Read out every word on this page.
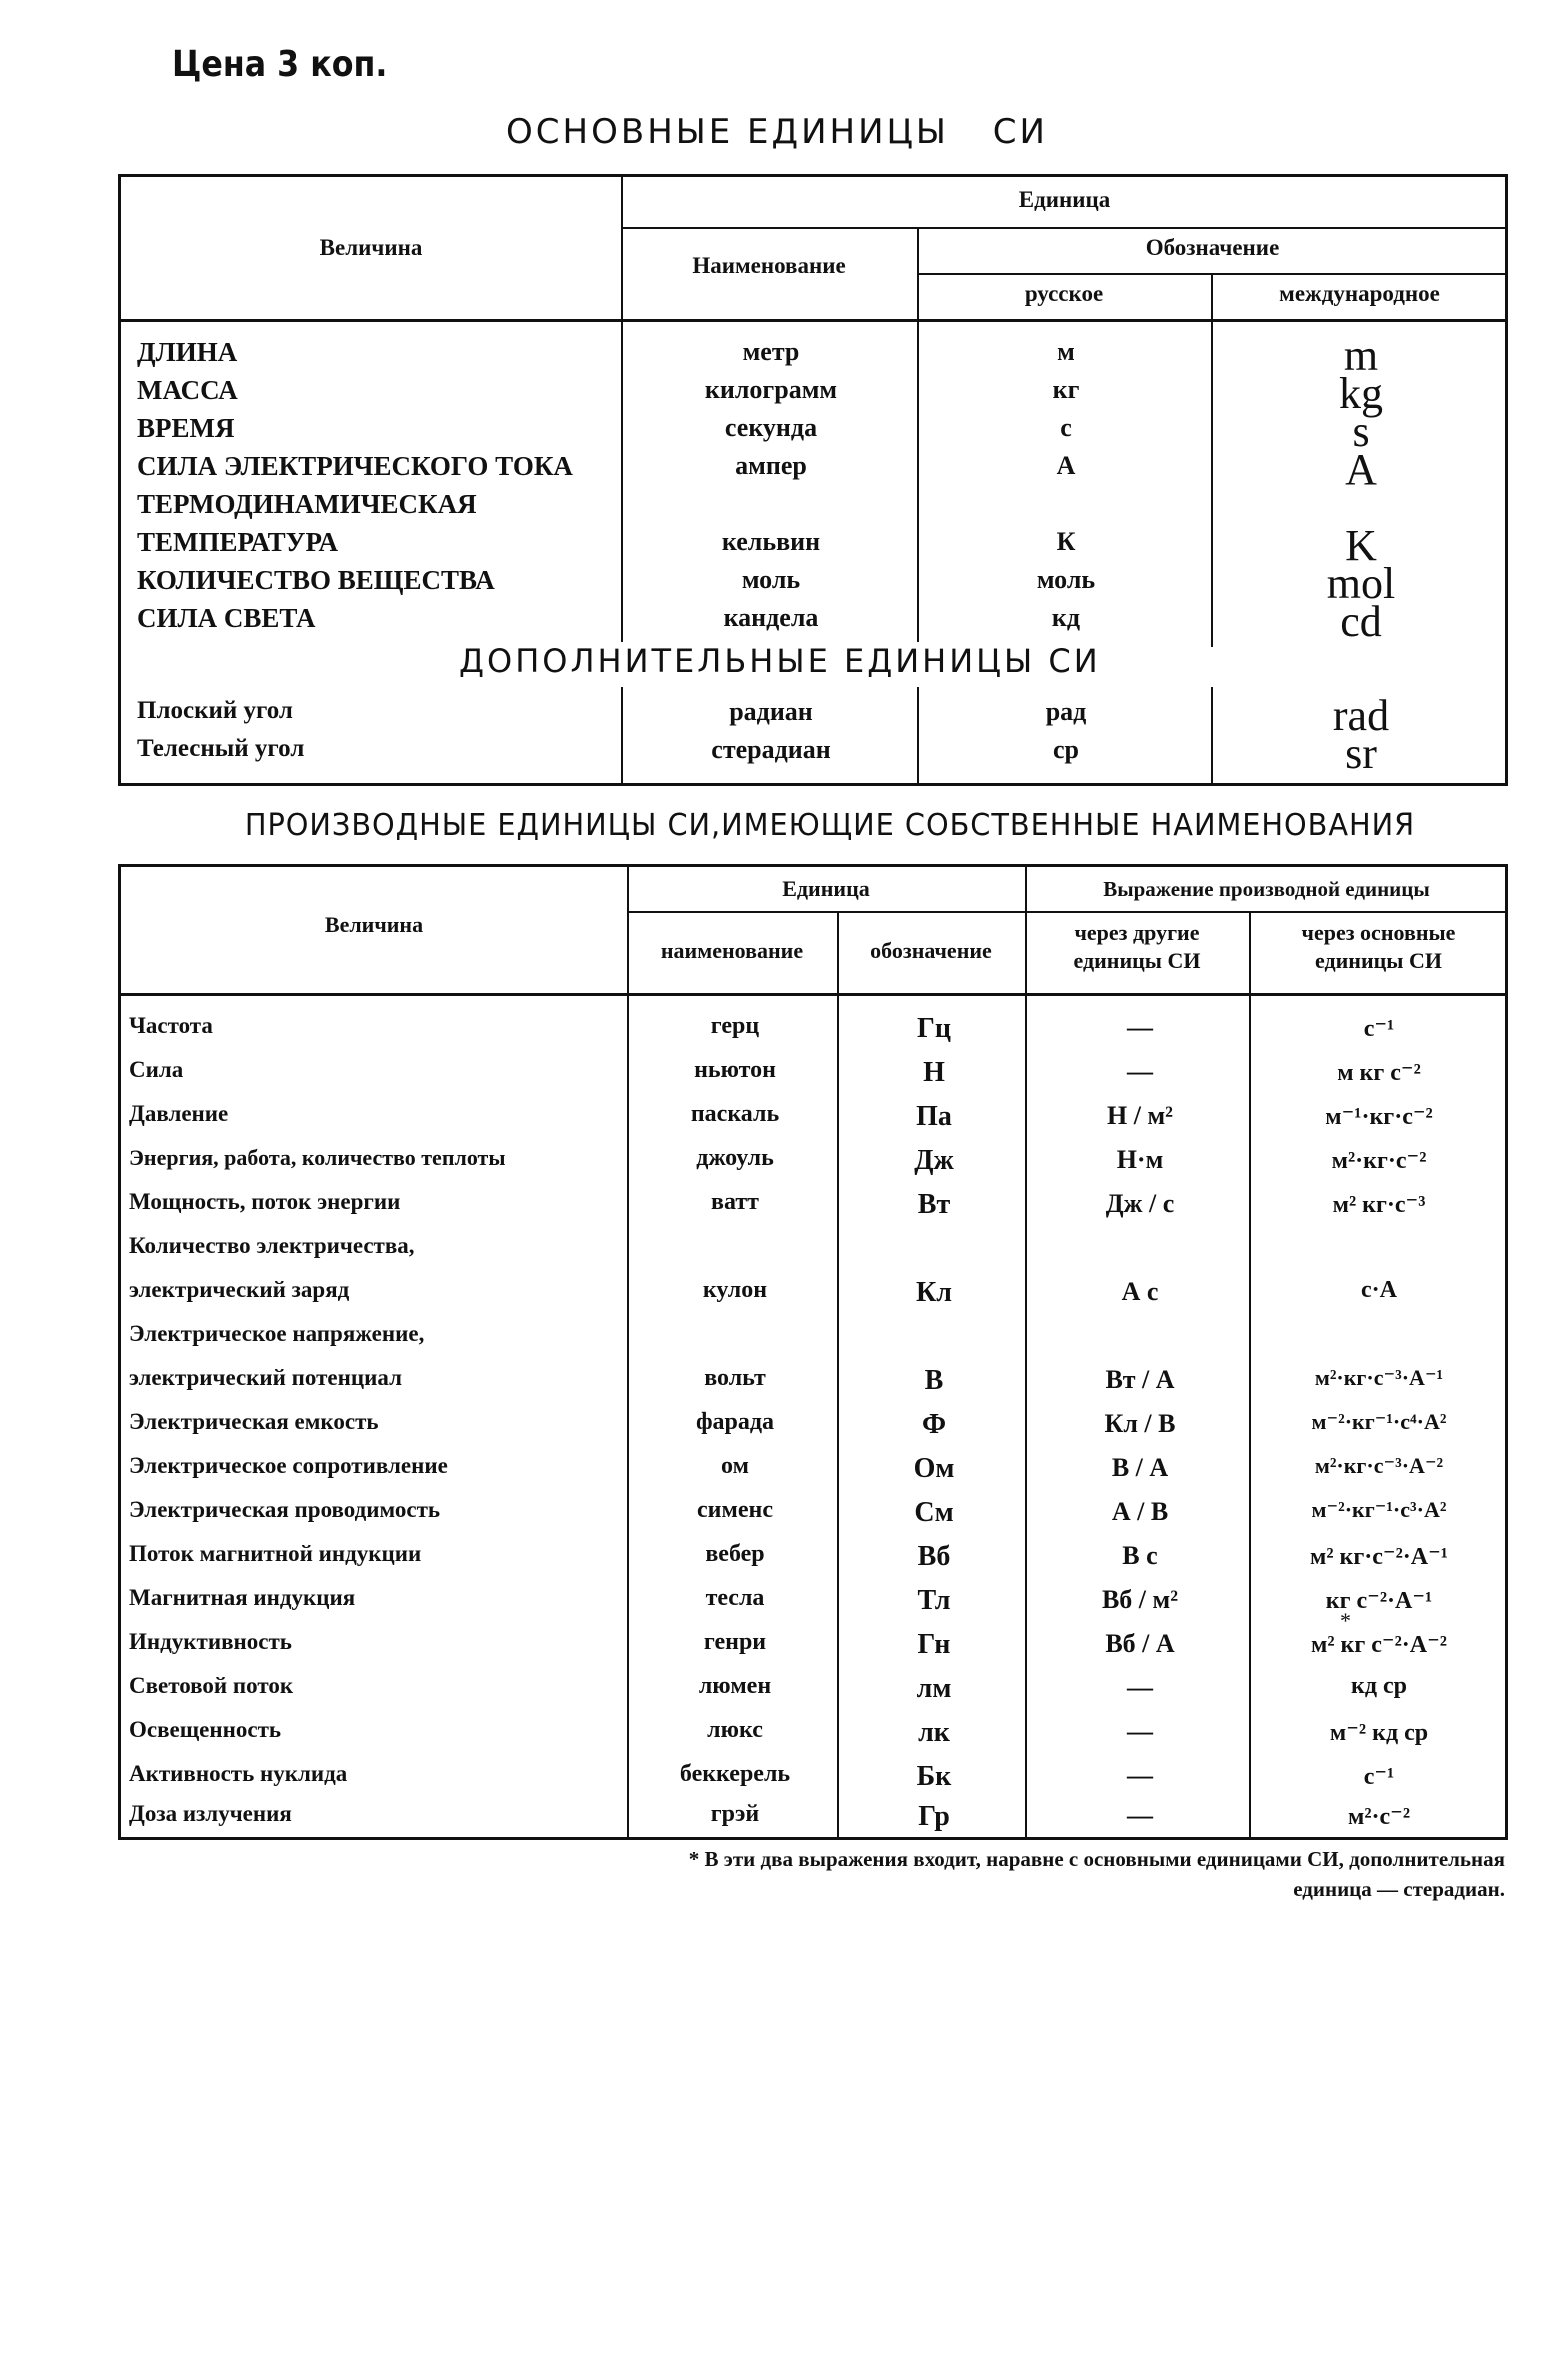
Цена 3 коп.
ОСНОВНЫЕ ЕДИНИЦЫ СИ
Величина
Единица
Наименование
Обозначение
русское	международное
ДЛИНА	метр	м	m
МАССА	килограмм	кг	kg
ВРЕМЯ	секунда	с	s
СИЛА ЭЛЕКТРИЧЕСКОГО ТОКА	ампер	А	A
ТЕРМОДИНАМИЧЕСКАЯ
ТЕМПЕРАТУРА	кельвин	К	K
КОЛИЧЕСТВО ВЕЩЕСТВА	моль	моль	mol
СИЛА СВЕТА	кандела	кд	cd
ДОПОЛНИТЕЛЬНЫЕ ЕДИНИЦЫ СИ
Плоский угол	радиан	рад	rad
Телесный угол	стерадиан	ср	sr
ПРОИЗВОДНЫЕ ЕДИНИЦЫ СИ,ИМЕЮЩИЕ СОБСТВЕННЫЕ НАИМЕНОВАНИЯ
Величина
Единица	Выражение производной единицы
наименование	обозначение
через другие
единицы СИ
через основные
единицы СИ
Частота	герц	Гц	—	с⁻¹
Сила	ньютон	Н	—	м кг с⁻²
Давление	паскаль	Па	Н / м²	м⁻¹·кг·с⁻²
Энергия, работа, количество теплоты	джоуль	Дж	Н·м	м²·кг·с⁻²
Мощность, поток энергии	ватт	Вт	Дж / с	м² кг·с⁻³
Количество электричества,
электрический заряд	кулон	Кл	А с	с·А
Электрическое напряжение,
электрический потенциал	вольт	В	Вт / А	м²·кг·с⁻³·А⁻¹
Электрическая емкость	фарада	Ф	Кл / В	м⁻²·кг⁻¹·с⁴·А²
Электрическое сопротивление	ом	Ом	В / А	м²·кг·с⁻³·А⁻²
Электрическая проводимость	сименс	См	А / В	м⁻²·кг⁻¹·с³·А²
Поток магнитной индукции	вебер	Вб	В с	м² кг·с⁻²·А⁻¹
Магнитная индукция	тесла	Тл	Вб / м²	кг с⁻²·А⁻¹
Индуктивность	генри	Гн	Вб / А	м² кг с⁻²·А⁻²
Световой поток	люмен	лм	—	кд ср
Освещенность	люкс	лк	—	м⁻² кд ср
Активность нуклида	беккерель	Бк	—	с⁻¹
Доза излучения	грэй	Гр	—	м²·с⁻²
*
* В эти два выражения входит, наравне с основными единицами СИ, дополнительная
единица — стерадиан.
